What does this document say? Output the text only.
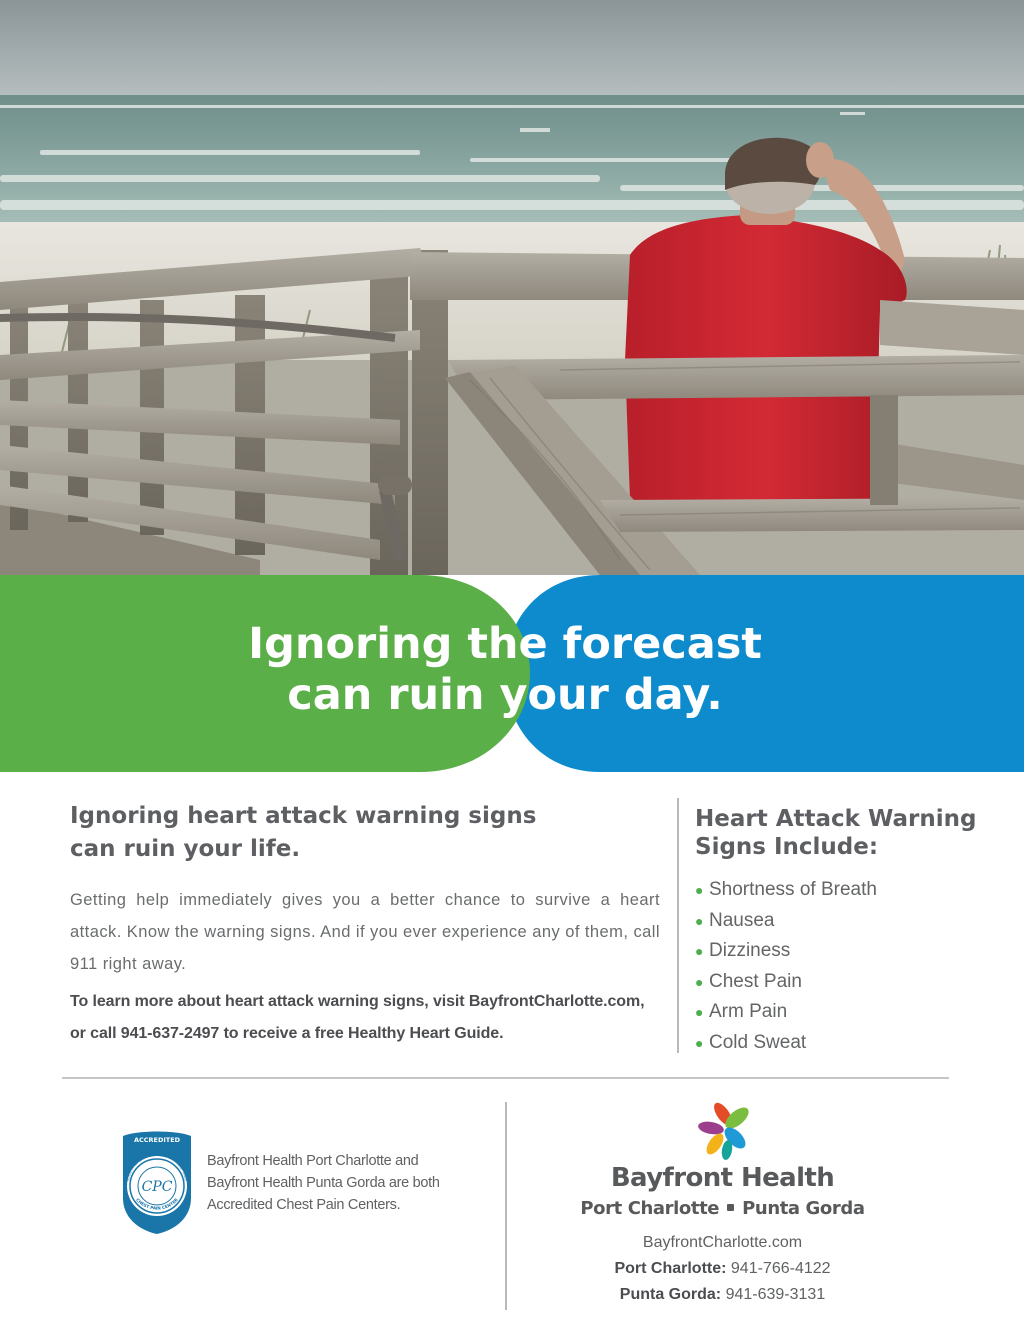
Ignoring the forecast
can ruin your day.
Ignoring heart attack warning signs
can ruin your life.

Getting help immediately gives you a better chance to survive a heart attack. Know the warning signs. And if you ever experience any of them, call 911 right away.

To learn more about heart attack warning signs, visit BayfrontCharlotte.com, or call 941-637-2497 to receive a free Healthy Heart Guide.

Heart Attack Warning
Signs Include:
● Shortness of Breath
● Nausea
● Dizziness
● Chest Pain
● Arm Pain
● Cold Sweat
ACCREDITED
SOCIETY OF CARDIOVASCULAR PATIENT CARE
CHEST PAIN CENTER
CPC

Bayfront Health Port Charlotte and
Bayfront Health Punta Gorda are both
Accredited Chest Pain Centers.

Bayfront Health
Port Charlotte Punta Gorda
BayfrontCharlotte.com
Port Charlotte: 941-766-4122
Punta Gorda: 941-639-3131
